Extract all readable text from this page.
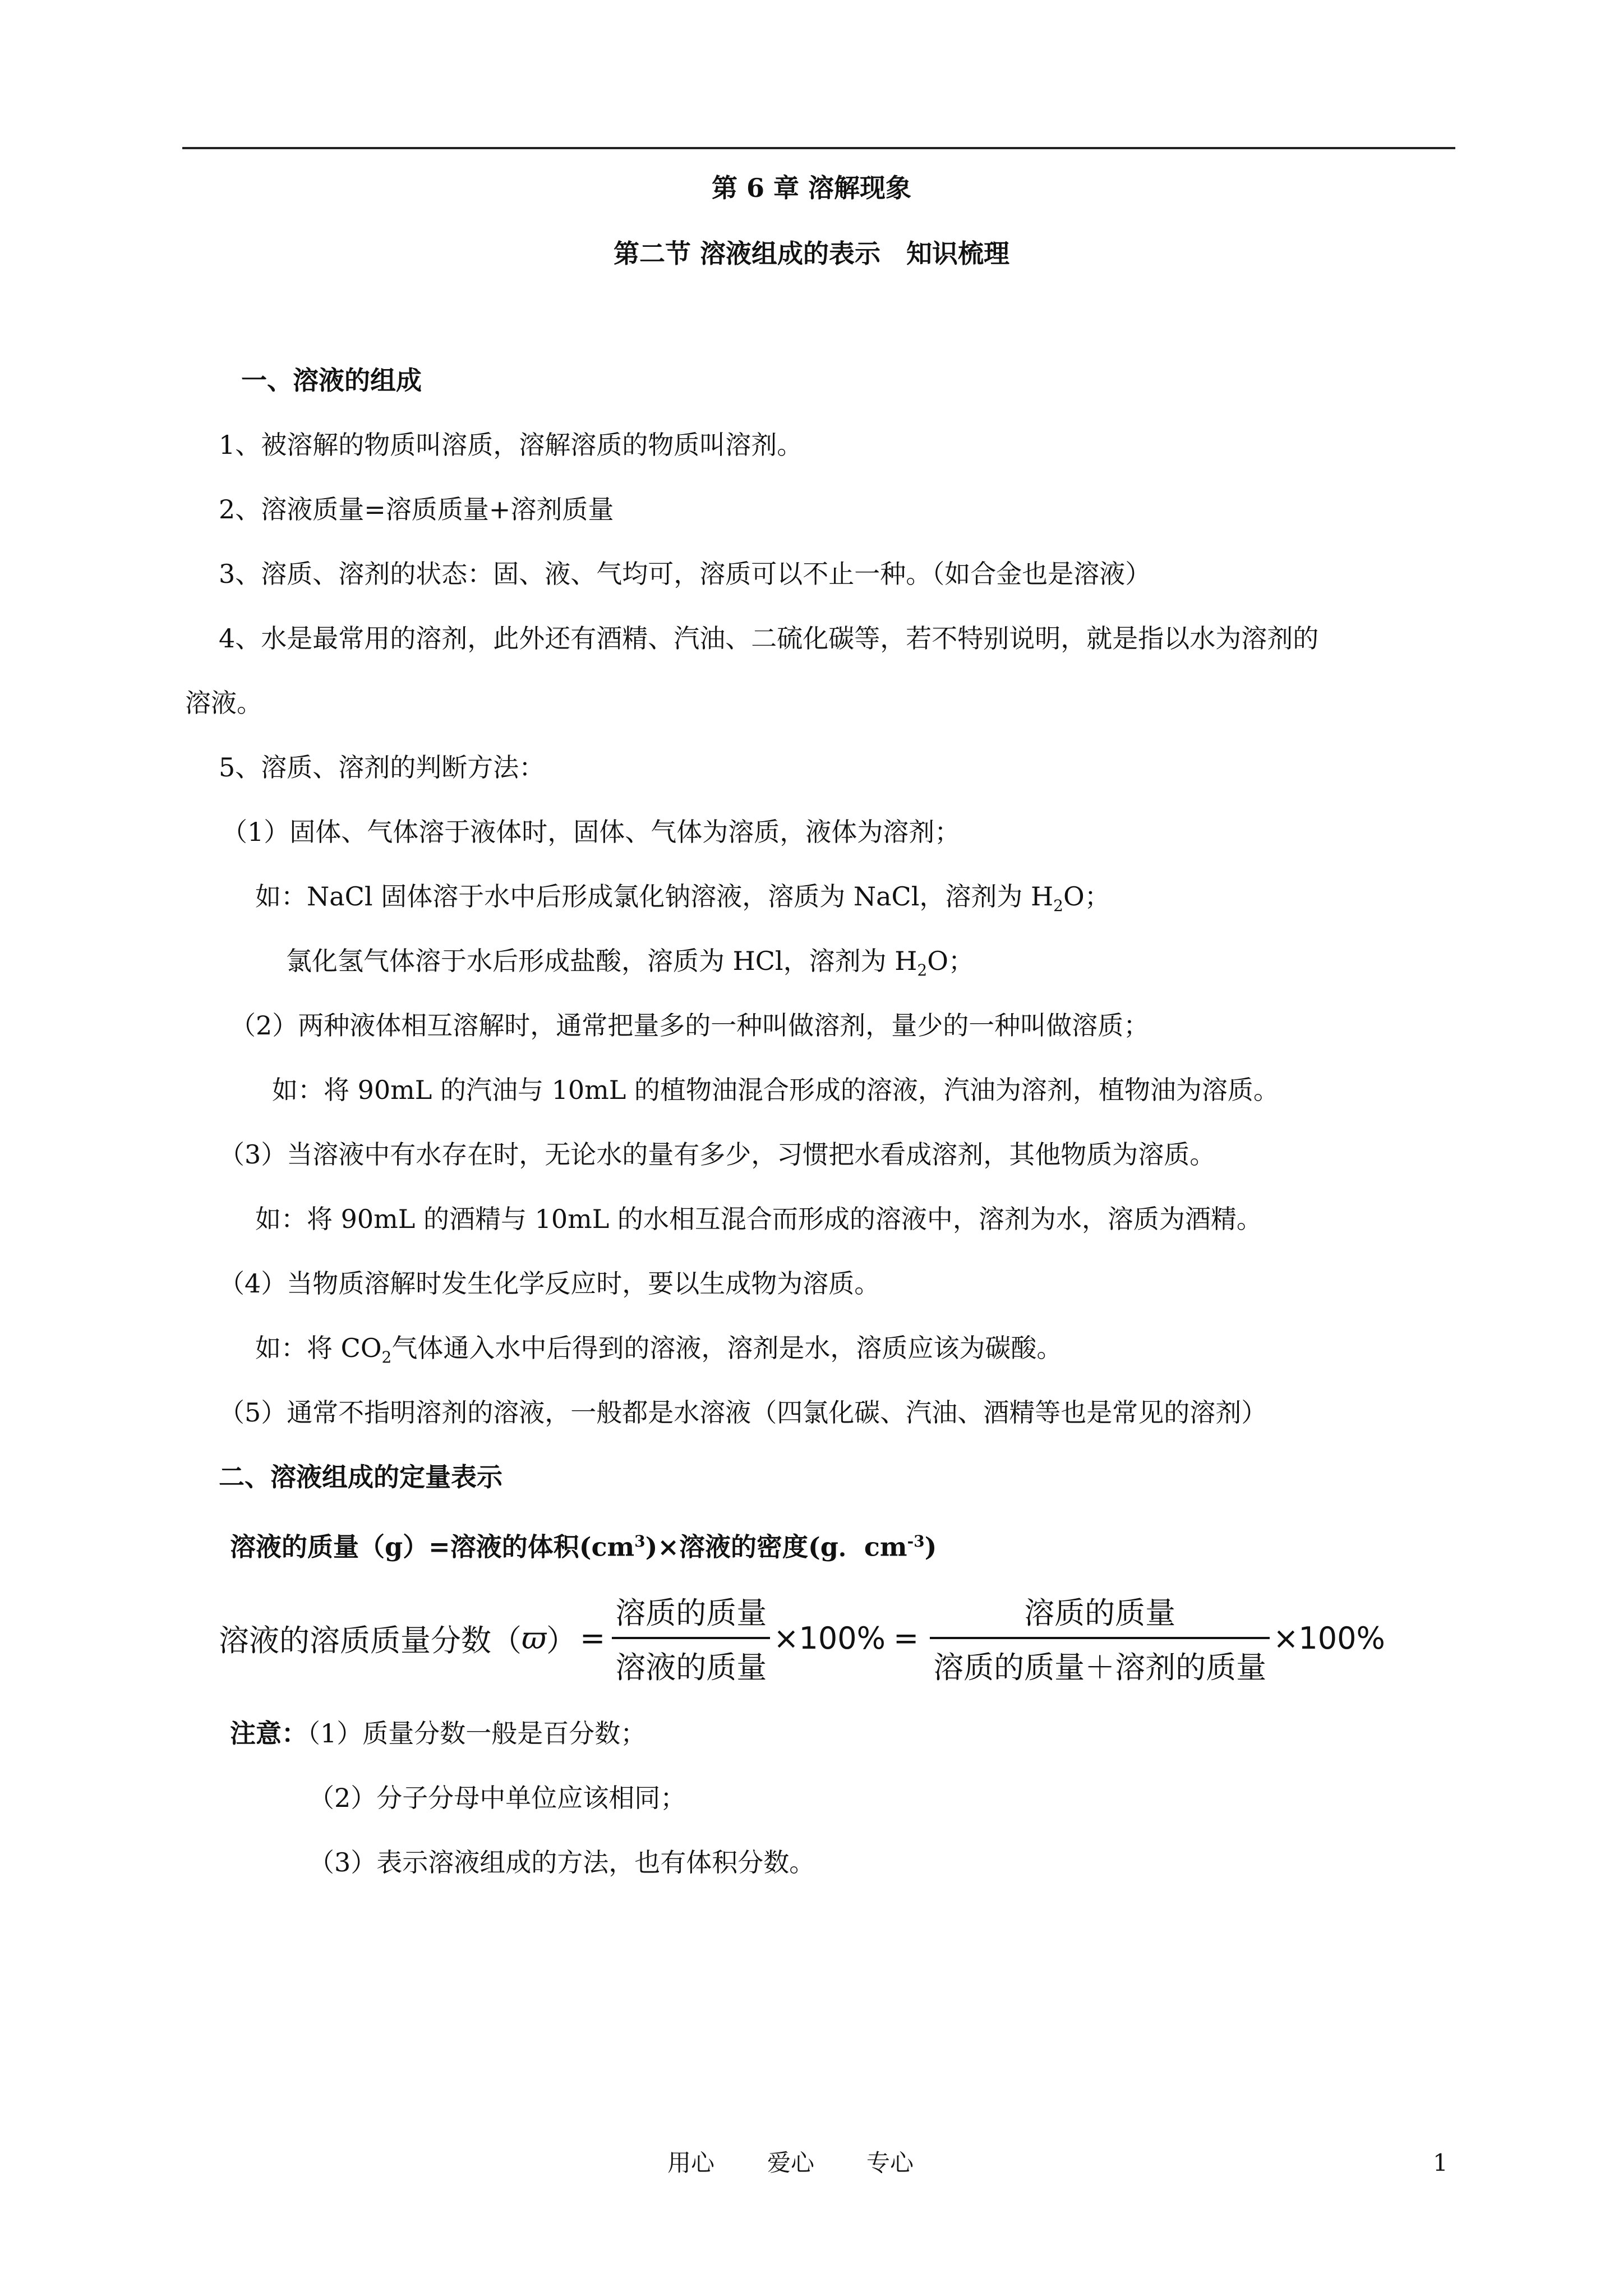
第 6 章 溶解现象
第二节 溶液组成的表示　知识梳理
一、溶液的组成
1、被溶解的物质叫溶质，溶解溶质的物质叫溶剂。
2、溶液质量=溶质质量+溶剂质量
3、溶质、溶剂的状态：固、液、气均可，溶质可以不止一种。（如合金也是溶液）
4、水是最常用的溶剂，此外还有酒精、汽油、二硫化碳等，若不特别说明，就是指以水为溶剂的
溶液。
5、溶质、溶剂的判断方法：
（1）固体、气体溶于液体时，固体、气体为溶质，液体为溶剂；
如：NaCl 固体溶于水中后形成氯化钠溶液，溶质为 NaCl，溶剂为 $H_2O$；
氯化氢气体溶于水后形成盐酸，溶质为 HCl，溶剂为 $H_2O$；
（2）两种液体相互溶解时，通常把量多的一种叫做溶剂，量少的一种叫做溶质；
如：将 90mL 的汽油与 10mL 的植物油混合形成的溶液，汽油为溶剂，植物油为溶质。
（3）当溶液中有水存在时，无论水的量有多少，习惯把水看成溶剂，其他物质为溶质。
如：将 90mL 的酒精与 10mL 的水相互混合而形成的溶液中，溶剂为水，溶质为酒精。
（4）当物质溶解时发生化学反应时，要以生成物为溶质。
如：将 $CO_2$气体通入水中后得到的溶液，溶剂是水，溶质应该为碳酸。
（5）通常不指明溶剂的溶液，一般都是水溶液（四氯化碳、汽油、酒精等也是常见的溶剂）
二、溶液组成的定量表示
溶液的质量（g）=溶液的体积$(cm^3)\times$溶液的密度(g．$cm^{-3}$)
溶液的溶质质量分数 （ ϖ ） = $\frac{\text{溶质的质量}}{\text{溶液的质量}} \times 100\% = \frac{\text{溶质的质量}}{\text{溶质的质量＋溶剂的质量}} \times 100\%$
注意：（1）质量分数一般是百分数；
（2）分子分母中单位应该相同；
（3）表示溶液组成的方法，也有体积分数。
用心 爱心 专心	1
